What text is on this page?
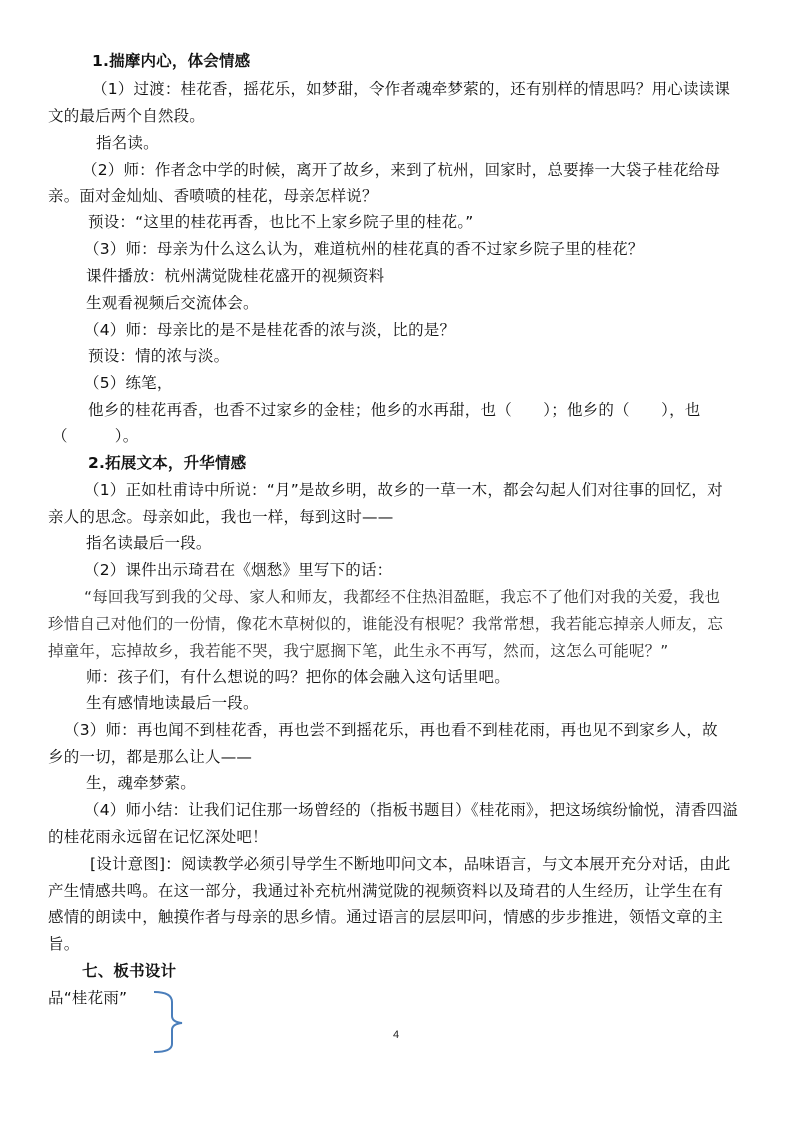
1.揣摩内心，体会情感
（1）过渡：桂花香，摇花乐，如梦甜，令作者魂牵梦萦的，还有别样的情思吗？用心读读课
文的最后两个自然段。
指名读。
（2）师：作者念中学的时候，离开了故乡，来到了杭州，回家时，总要捧一大袋子桂花给母
亲。面对金灿灿、香喷喷的桂花，母亲怎样说？
预设：“这里的桂花再香，也比不上家乡院子里的桂花。”
（3）师：母亲为什么这么认为，难道杭州的桂花真的香不过家乡院子里的桂花？
课件播放：杭州满觉陇桂花盛开的视频资料
生观看视频后交流体会。
（4）师：母亲比的是不是桂花香的浓与淡，比的是？
预设：情的浓与淡。
（5）练笔，
他乡的桂花再香，也香不过家乡的金桂；他乡的水再甜，也（　　）；他乡的（　　），也
（　　　）。
2.拓展文本，升华情感
（1）正如杜甫诗中所说：“月”是故乡明，故乡的一草一木，都会勾起人们对往事的回忆，对
亲人的思念。母亲如此，我也一样，每到这时——
指名读最后一段。
（2）课件出示琦君在《烟愁》里写下的话：
“每回我写到我的父母、家人和师友，我都经不住热泪盈眶，我忘不了他们对我的关爱，我也
珍惜自己对他们的一份情，像花木草树似的，谁能没有根呢？我常常想，我若能忘掉亲人师友，忘
掉童年，忘掉故乡，我若能不哭，我宁愿搁下笔，此生永不再写，然而，这怎么可能呢？”
师：孩子们，有什么想说的吗？把你的体会融入这句话里吧。
生有感情地读最后一段。
（3）师：再也闻不到桂花香，再也尝不到摇花乐，再也看不到桂花雨，再也见不到家乡人，故
乡的一切，都是那么让人——
生，魂牵梦萦。
（4）师小结：让我们记住那一场曾经的（指板书题目）《桂花雨》，把这场缤纷愉悦，清香四溢
的桂花雨永远留在记忆深处吧！
[设计意图]：阅读教学必须引导学生不断地叩问文本，品味语言，与文本展开充分对话，由此
产生情感共鸣。在这一部分，我通过补充杭州满觉陇的视频资料以及琦君的人生经历，让学生在有
感情的朗读中，触摸作者与母亲的思乡情。通过语言的层层叩问，情感的步步推进，领悟文章的主
旨。
七、板书设计
品“桂花雨”
4
